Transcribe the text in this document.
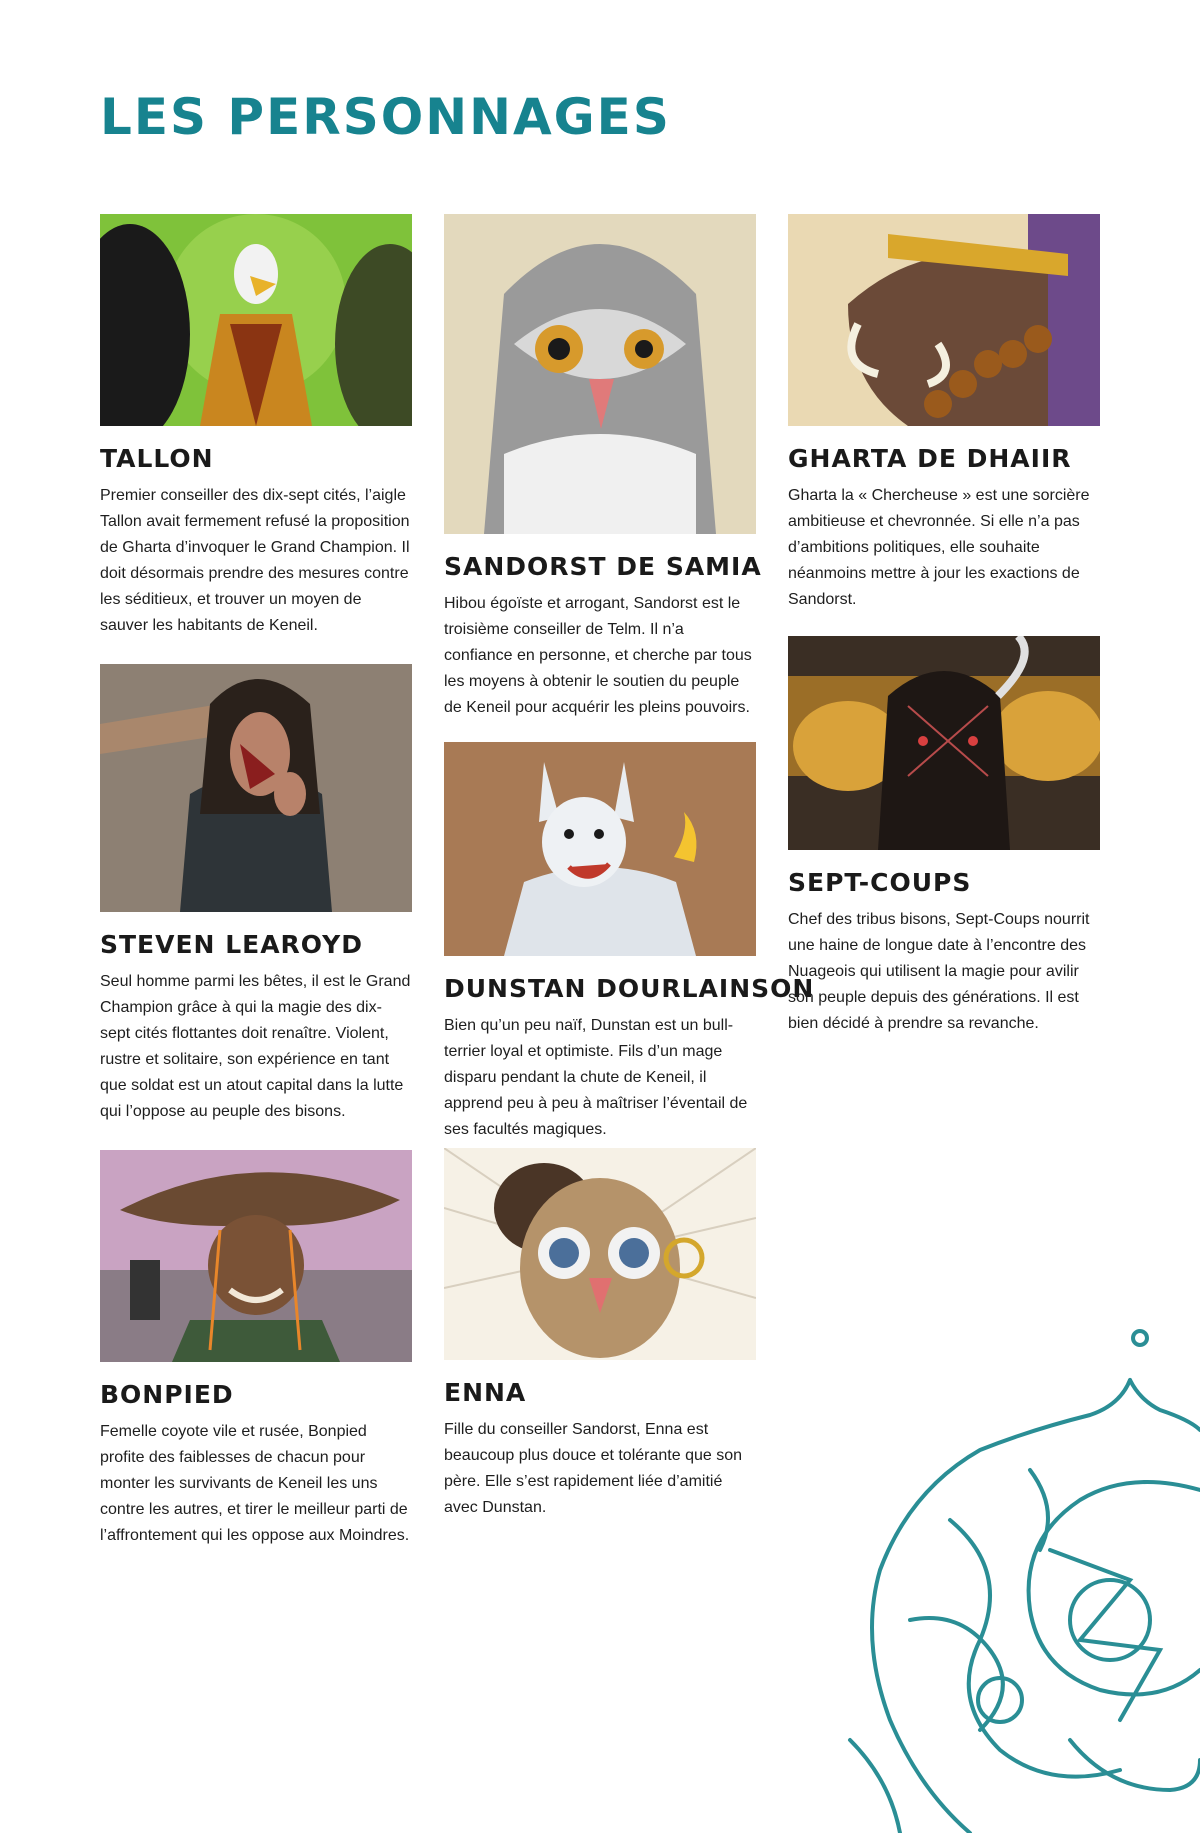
LES PERSONNAGES
TALLON

Premier conseiller des dix-sept cités, l’aigle Tallon avait fermement refusé la proposition de Gharta d’invoquer le Grand Champion. Il doit désormais prendre des mesures contre les séditieux, et trouver un moyen de sauver les habitants de Keneil.

SANDORST DE SAMIA

Hibou égoïste et arrogant, Sandorst est le troisième conseiller de Telm. Il n’a confiance en personne, et cherche par tous les moyens à obtenir le soutien du peuple de Keneil pour acquérir les pleins pouvoirs.

GHARTA DE DHAIIR

Gharta la « Chercheuse » est une sorcière ambitieuse et chevronnée. Si elle n’a pas d’ambitions politiques, elle souhaite néanmoins mettre à jour les exactions de Sandorst.

STEVEN LEAROYD

Seul homme parmi les bêtes, il est le Grand Champion grâce à qui la magie des dix-sept cités flottantes doit renaître. Violent, rustre et solitaire, son expérience en tant que soldat est un atout capital dans la lutte qui l’oppose au peuple des bisons.

DUNSTAN DOURLAINSON

Bien qu’un peu naïf, Dunstan est un bull-terrier loyal et optimiste. Fils d’un mage disparu pendant la chute de Keneil, il apprend peu à peu à maîtriser l’éventail de ses facultés magiques.

SEPT-COUPS

Chef des tribus bisons, Sept-Coups nourrit une haine de longue date à l’encontre des Nuageois qui utilisent la magie pour avilir son peuple depuis des générations. Il est bien décidé à prendre sa revanche.

BONPIED

Femelle coyote vile et rusée, Bonpied profite des faiblesses de chacun pour monter les survivants de Keneil les uns contre les autres, et tirer le meilleur parti de l’affrontement qui les oppose aux Moindres.

ENNA

Fille du conseiller Sandorst, Enna est beaucoup plus douce et tolérante que son père. Elle s’est rapidement liée d’amitié avec Dunstan.
